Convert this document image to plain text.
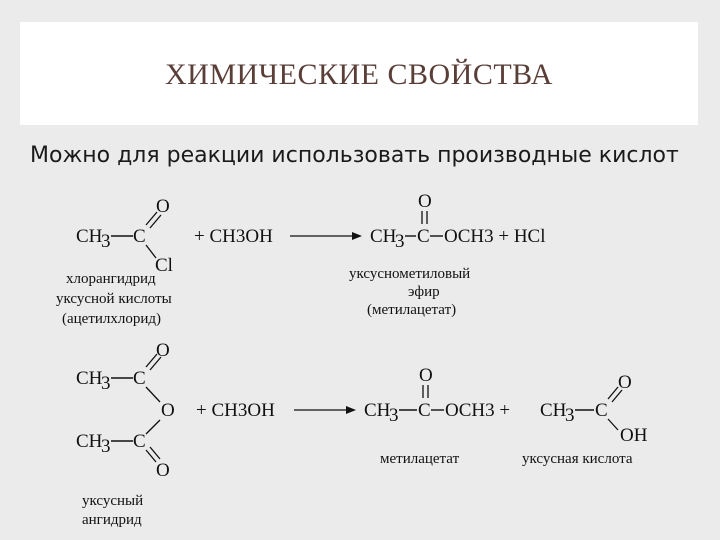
ХИМИЧЕСКИЕ СВОЙСТВА
Можно для реакции использовать производные кислот
CH
3 C
O
Cl
+ CH3OH	CH
3
O
C OCH3 + HCl
хлорангидрид
уксусной кислоты
(ацетилхлорид)
уксуснометиловый
эфир
(метилацетат)
CH
3 C
O
O
CH
3 C
O
+ CH3OH	CH
3
O
C OCH3 + CH
3 C
O
OH
уксусный
ангидрид
метилацетат	уксусная кислота
